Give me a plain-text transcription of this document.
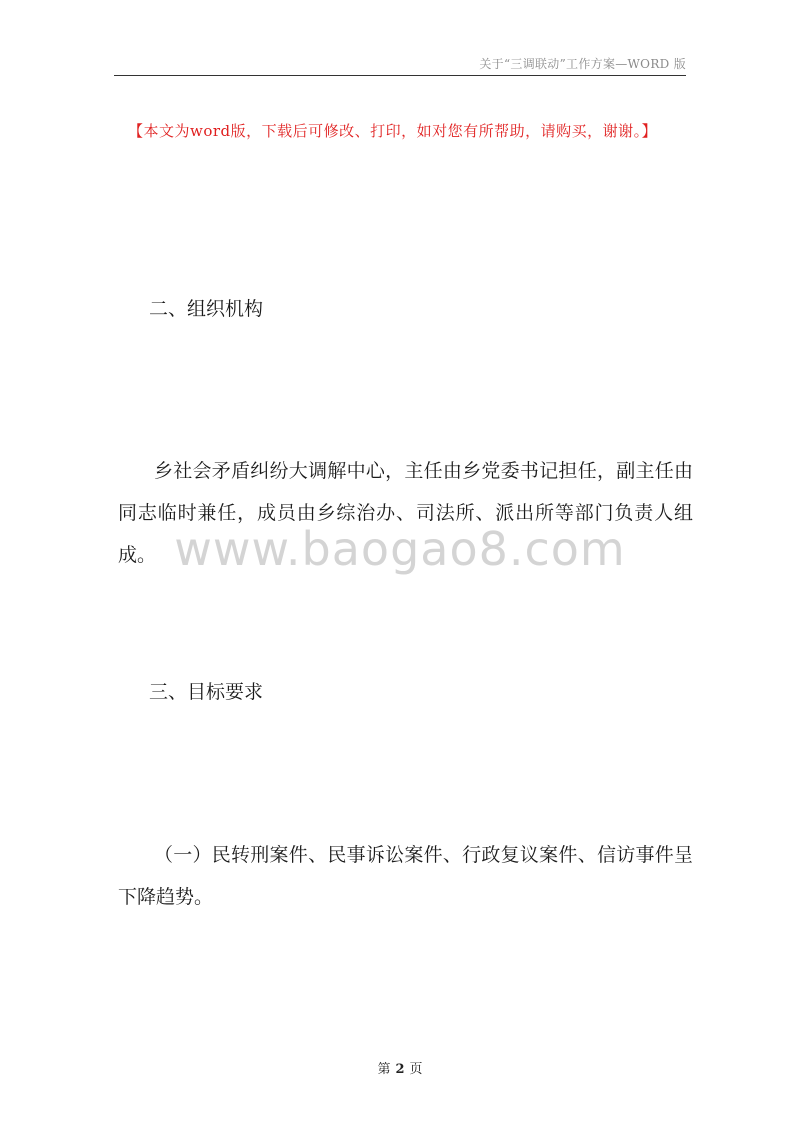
关于“三调联动”工作方案—WORD 版
【本文为word版，下载后可修改、打印，如对您有所帮助，请购买，谢谢。】
二、组织机构
乡社会矛盾纠纷大调解中心，主任由乡党委书记担任，副主任由同志临时兼任，成员由乡综治办、司法所、派出所等部门负责人组成。 www.baogao8.com
三、目标要求
（一）民转刑案件、民事诉讼案件、行政复议案件、信访事件呈下降趋势。
第 2 页
